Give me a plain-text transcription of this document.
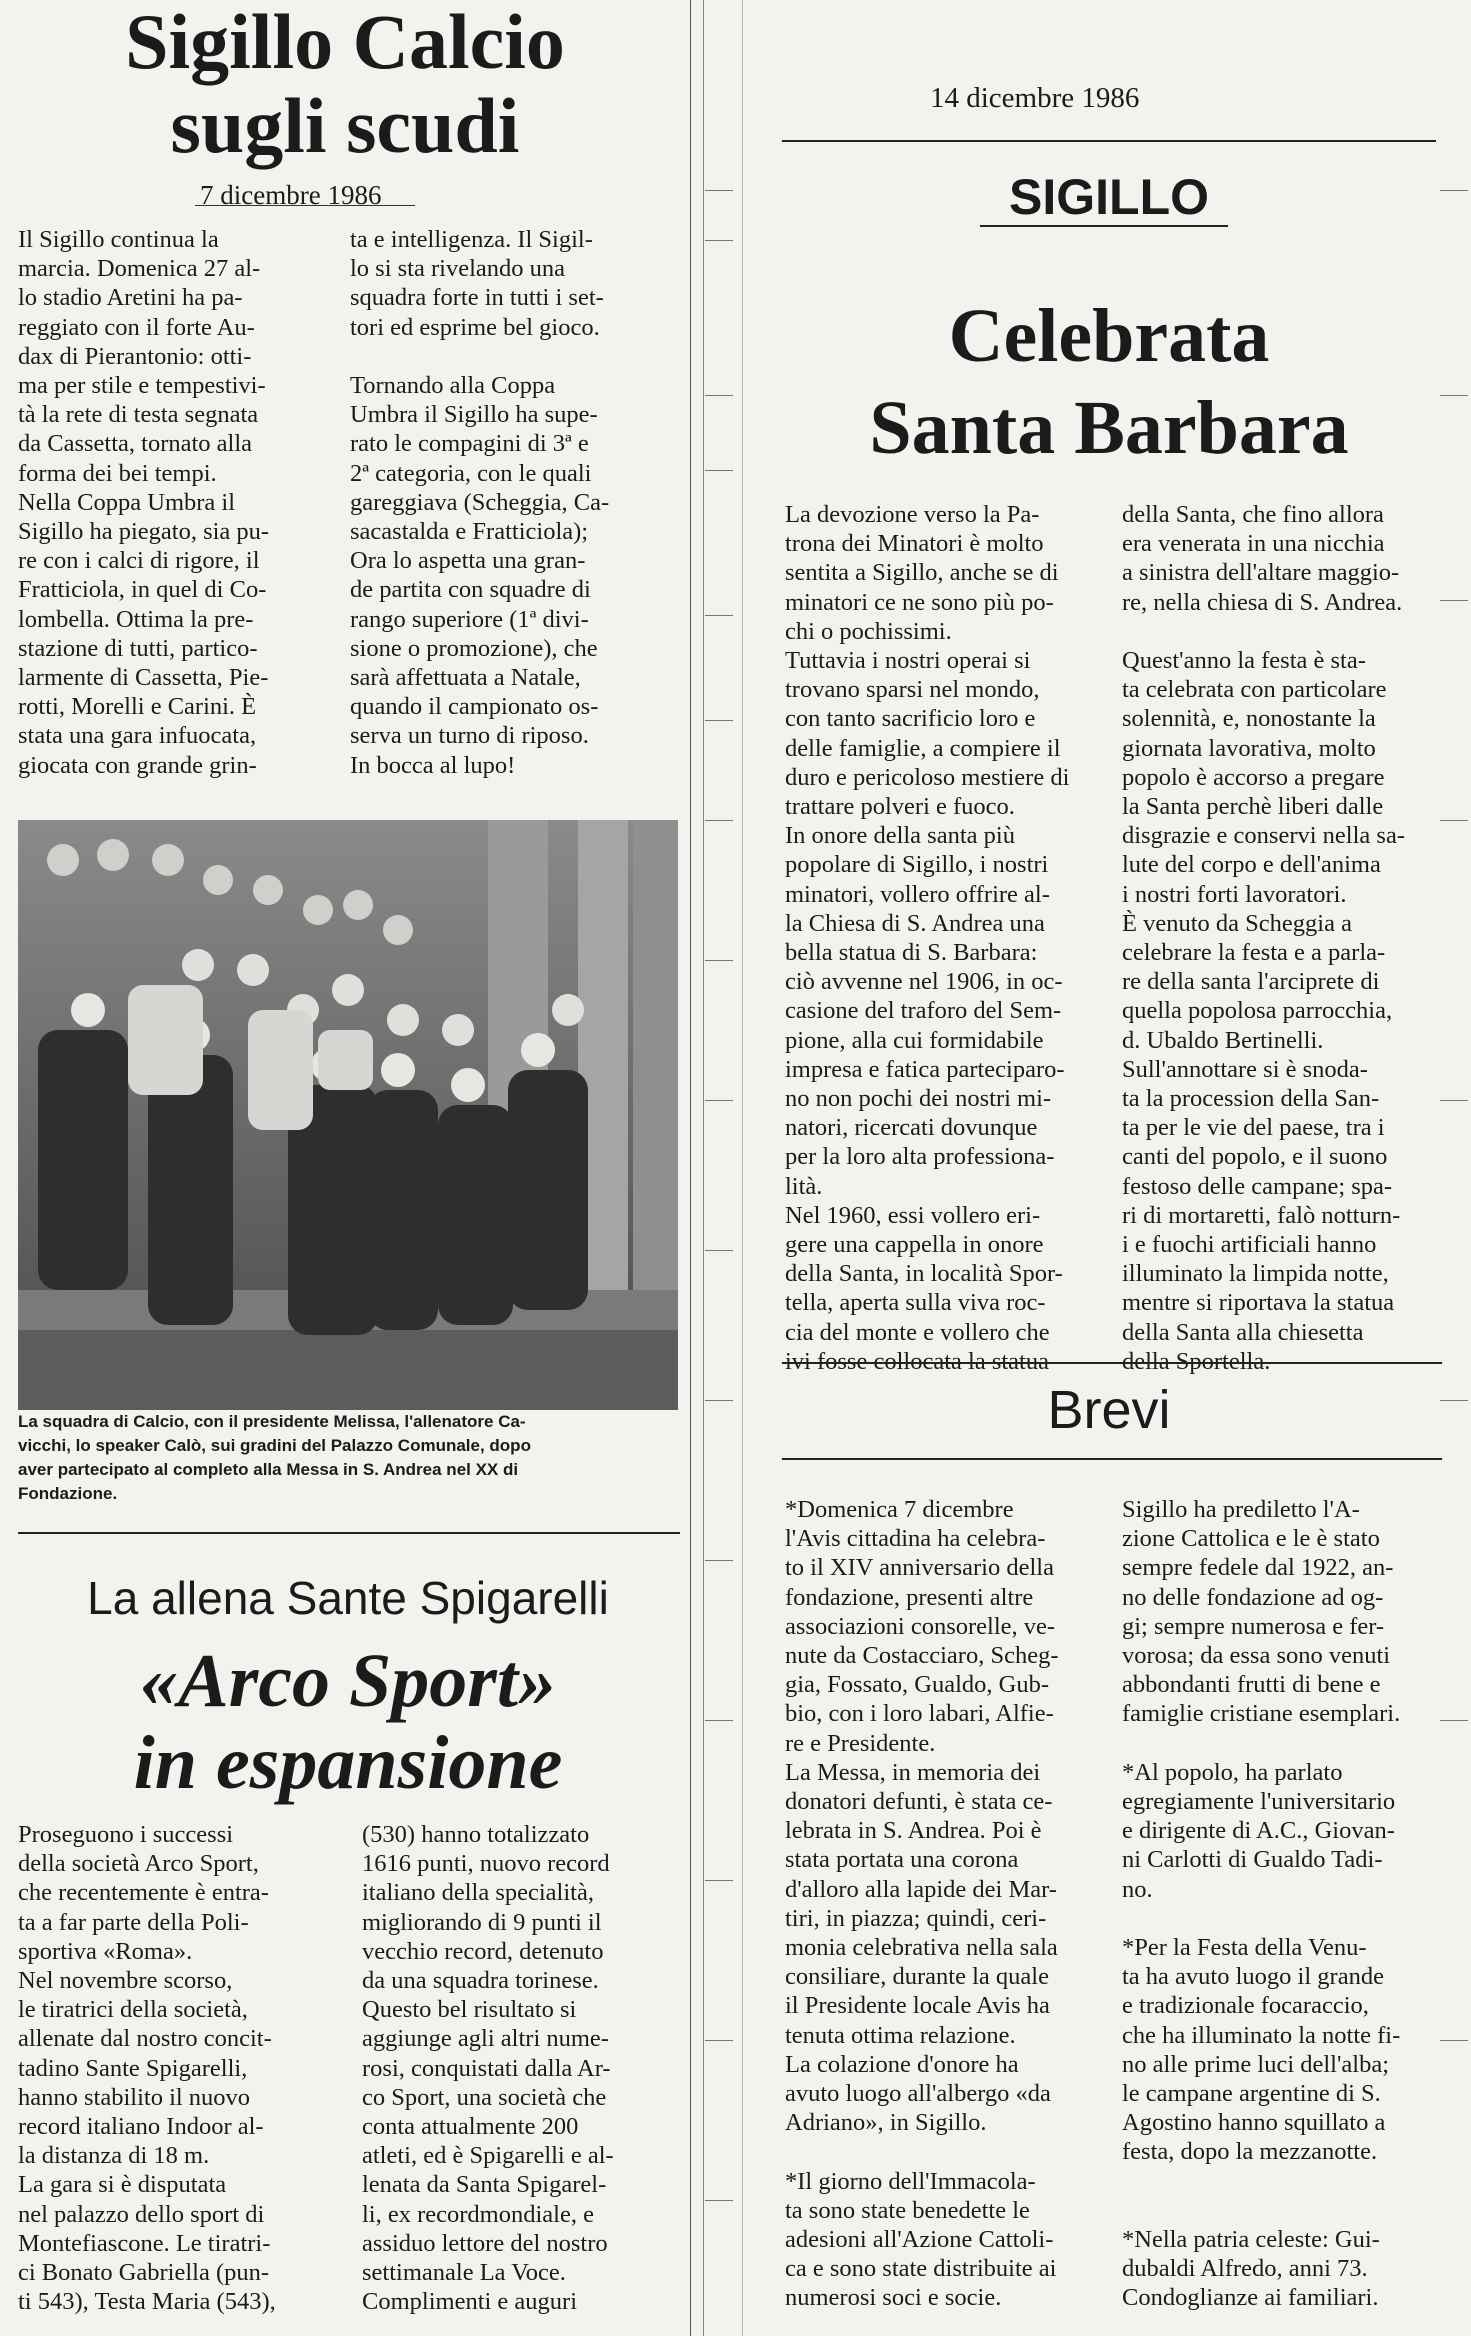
Sigillo Calcio
sugli scudi
7 dicembre 1986
Il Sigillo continua la
marcia. Domenica 27 al-
lo stadio Aretini ha pa-
reggiato con il forte Au-
dax di Pierantonio: otti-
ma per stile e tempestivi-
tà la rete di testa segnata
da Cassetta, tornato alla
forma dei bei tempi.
Nella Coppa Umbra il
Sigillo ha piegato, sia pu-
re con i calci di rigore, il
Fratticiola, in quel di Co-
lombella. Ottima la pre-
stazione di tutti, partico-
larmente di Cassetta, Pie-
rotti, Morelli e Carini. È
stata una gara infuocata,
giocata con grande grin-
ta e intelligenza. Il Sigil-
lo si sta rivelando una
squadra forte in tutti i set-
tori ed esprime bel gioco.

Tornando alla Coppa
Umbra il Sigillo ha supe-
rato le compagini di 3ª e
2ª categoria, con le quali
gareggiava (Scheggia, Ca-
sacastalda e Fratticiola);
Ora lo aspetta una gran-
de partita con squadre di
rango superiore (1ª divi-
sione o promozione), che
sarà affettuata a Natale,
quando il campionato os-
serva un turno di riposo.
In bocca al lupo!
La squadra di Calcio, con il presidente Melissa, l'allenatore Ca-
vicchi, lo speaker Calò, sui gradini del Palazzo Comunale, dopo
aver partecipato al completo alla Messa in S. Andrea nel XX di
Fondazione.
La allena Sante Spigarelli
«Arco Sport»
in espansione
Proseguono i successi
della società Arco Sport,
che recentemente è entra-
ta a far parte della Poli-
sportiva «Roma».
Nel novembre scorso,
le tiratrici della società,
allenate dal nostro concit-
tadino Sante Spigarelli,
hanno stabilito il nuovo
record italiano Indoor al-
la distanza di 18 m.
La gara si è disputata
nel palazzo dello sport di
Montefiascone. Le tiratri-
ci Bonato Gabriella (pun-
ti 543), Testa Maria (543),
(530) hanno totalizzato
1616 punti, nuovo record
italiano della specialità,
migliorando di 9 punti il
vecchio record, detenuto
da una squadra torinese.
Questo bel risultato si
aggiunge agli altri nume-
rosi, conquistati dalla Ar-
co Sport, una società che
conta attualmente 200
atleti, ed è Spigarelli e al-
lenata da Santa Spigarel-
li, ex recordmondiale, e
assiduo lettore del nostro
settimanale La Voce.
Complimenti e auguri
14 dicembre 1986
SIGILLO
Celebrata
Santa Barbara
La devozione verso la Pa-
trona dei Minatori è molto
sentita a Sigillo, anche se di
minatori ce ne sono più po-
chi o pochissimi.
Tuttavia i nostri operai si
trovano sparsi nel mondo,
con tanto sacrificio loro e
delle famiglie, a compiere il
duro e pericoloso mestiere di
trattare polveri e fuoco.
In onore della santa più
popolare di Sigillo, i nostri
minatori, vollero offrire al-
la Chiesa di S. Andrea una
bella statua di S. Barbara:
ciò avvenne nel 1906, in oc-
casione del traforo del Sem-
pione, alla cui formidabile
impresa e fatica parteciparo-
no non pochi dei nostri mi-
natori, ricercati dovunque
per la loro alta professiona-
lità.
Nel 1960, essi vollero eri-
gere una cappella in onore
della Santa, in località Spor-
tella, aperta sulla viva roc-
cia del monte e vollero che
ivi fosse collocata la statua
della Santa, che fino allora
era venerata in una nicchia
a sinistra dell'altare maggio-
re, nella chiesa di S. Andrea.

Quest'anno la festa è sta-
ta celebrata con particolare
solennità, e, nonostante la
giornata lavorativa, molto
popolo è accorso a pregare
la Santa perchè liberi dalle
disgrazie e conservi nella sa-
lute del corpo e dell'anima
i nostri forti lavoratori.
È venuto da Scheggia a
celebrare la festa e a parla-
re della santa l'arciprete di
quella popolosa parrocchia,
d. Ubaldo Bertinelli.
Sull'annottare si è snoda-
ta la procession della San-
ta per le vie del paese, tra i
canti del popolo, e il suono
festoso delle campane; spa-
ri di mortaretti, falò notturn-
i e fuochi artificiali hanno
illuminato la limpida notte,
mentre si riportava la statua
della Santa alla chiesetta
della Sportella.
Brevi
*Domenica 7 dicembre
l'Avis cittadina ha celebra-
to il XIV anniversario della
fondazione, presenti altre
associazioni consorelle, ve-
nute da Costacciaro, Scheg-
gia, Fossato, Gualdo, Gub-
bio, con i loro labari, Alfie-
re e Presidente.
La Messa, in memoria dei
donatori defunti, è stata ce-
lebrata in S. Andrea. Poi è
stata portata una corona
d'alloro alla lapide dei Mar-
tiri, in piazza; quindi, ceri-
monia celebrativa nella sala
consiliare, durante la quale
il Presidente locale Avis ha
tenuta ottima relazione.
La colazione d'onore ha
avuto luogo all'albergo «da
Adriano», in Sigillo.

*Il giorno dell'Immacola-
ta sono state benedette le
adesioni all'Azione Cattoli-
ca e sono state distribuite ai
numerosi soci e socie.
Sigillo ha prediletto l'A-
zione Cattolica e le è stato
sempre fedele dal 1922, an-
no delle fondazione ad og-
gi; sempre numerosa e fer-
vorosa; da essa sono venuti
abbondanti frutti di bene e
famiglie cristiane esemplari.

*Al popolo, ha parlato
egregiamente l'universitario
e dirigente di A.C., Giovan-
ni Carlotti di Gualdo Tadi-
no.

*Per la Festa della Venu-
ta ha avuto luogo il grande
e tradizionale focaraccio,
che ha illuminato la notte fi-
no alle prime luci dell'alba;
le campane argentine di S.
Agostino hanno squillato a
festa, dopo la mezzanotte.

*Nella patria celeste: Gui-
dubaldi Alfredo, anni 73.
Condoglianze ai familiari.
